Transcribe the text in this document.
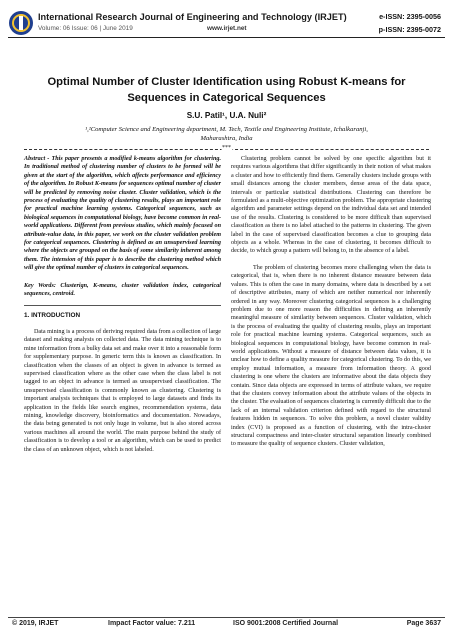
International Research Journal of Engineering and Technology (IRJET)
Volume: 06 Issue: 06 | June 2019	www.irjet.net
e-ISSN: 2395-0056
p-ISSN: 2395-0072
Optimal Number of Cluster Identification using Robust K-means for
Sequences in Categorical Sequences
S.U. Patil¹, U.A. Nuli²
¹,²Computer Science and Engineering department, M. Tech, Textile and Engineering Institute, Ichalkaranji,
Maharashtra, India
***

Abstract - This paper presents a modified k-means algorithm for clustering. In traditional method of clustering number of clusters to be formed will be given at the start of the algorithm, which affects performance and efficiency of the algorithm. In Robust K-means for sequences optimal number of cluster will be predicted by removing noise cluster. Cluster validation, which is the process of evaluating the quality of clustering results, plays an important role for practical machine learning systems. Categorical sequences, such as biological sequences in computational biology, have become common in real-world applications. Different from previous studies, which mainly focused on attribute-value data, in this paper, we work on the cluster validation problem for categorical sequences. Clustering is defined as an unsupervised learning where the objects are grouped on the basis of some similarity inherent among them. The intension of this paper is to describe the clustering method which will give the optimal number of clusters in categorical sequences.

Key Words: Clusterign, K-means, cluster validation index, categorical sequences, centroid.

1. INTRODUCTION

Data mining is a process of deriving required data from a collection of large dataset and making analysis on collected data. The data mining technique is to mine information from a bulky data set and make over it into a reasonable form for supplementary purpose. In generic term this is known as classification. In classification when the classes of an object is given in advance is termed as supervised classification where as the other case when the class label is not tagged to an object in advance is termed as unsupervised classification. The unsupervised classification is commonly known as clustering. Clustering is important analysis techniques that is employed to large datasets and finds its application in the fields like search engines, recommendation systems, data mining, knowledge discovery, bioinformatics and documentation. Nowadays, the data being generated is not only huge in volume, but is also stored across various machines all around the world. The main purpose behind the study of classification is to develop a tool or an algorithm, which can be used to predict the class of an unknown object, which is not labeled.

Clustering problem cannot be solved by one specific algorithm but it requires various algorithms that differ significantly in their notion of what makes a cluster and how to efficiently find them. Generally clusters include groups with small distances among the cluster members, dense areas of the data space, intervals or particular statistical distributions. Clustering can therefore be formulated as a multi-objective optimization problem. The appropriate clustering algorithm and parameter settings depend on the individual data set and intended use of the results. Clustering is considered to be more difficult than supervised classification as there is no label attached to the patterns in clustering. The given label in the case of supervised classification becomes a clue to grouping data objects as a whole. Whereas in the case of clustering, it becomes difficult to decide, to which group a pattern will belong to, in the absence of a label.

The problem of clustering becomes more challenging when the data is categorical, that is, when there is no inherent distance measure between data values. This is often the case in many domains, where data is described by a set of descriptive attributes, many of which are neither numerical nor inherently ordered in any way. Moreover clustering categorical sequences is a challenging problem due to one more reason the difficulties in defining an inherently meaningful measure of similarity between sequences. Cluster validation, which is the process of evaluating the quality of clustering results, plays an important role for practical machine learning systems. Categorical sequences, such as biological sequences in computational biology, have become common in real-world applications. Without a measure of distance between data values, it is unclear how to define a quality measure for categorical clustering. To do this, we employ mutual information, a measure from information theory. A good clustering is one where the clusters are informative about the data objects they contain. Since data objects are expressed in terms of attribute values, we require that the clusters convey information about the attribute values of the objects in the cluster. The evaluation of sequences clustering is currently difficult due to the lack of an internal validation criterion defined with regard to the structural features hidden in sequences. To solve this problem, a novel cluster validity index (CVI) is proposed as a function of clustering, with the intra-cluster structural compactness and inter-cluster structural separation linearly combined to measure the quality of sequence clusters. Cluster validation,

© 2019, IRJET	Impact Factor value: 7.211	ISO 9001:2008 Certified Journal	Page 3637
